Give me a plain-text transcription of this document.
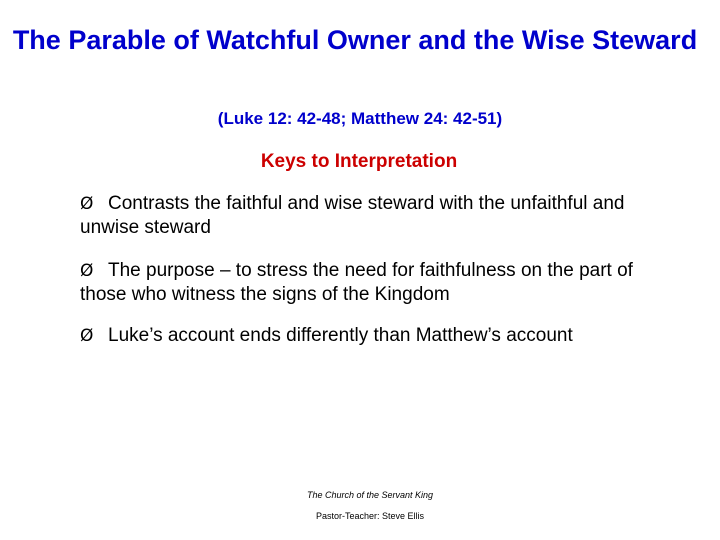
The Parable of Watchful Owner and the Wise Steward
(Luke 12: 42-48; Matthew 24: 42-51)
Keys to Interpretation
Ø Contrasts the faithful and wise steward with the unfaithful and unwise steward
Ø The purpose – to stress the need for faithfulness on the part of those who witness the signs of the Kingdom
Ø Luke’s account ends differently than Matthew’s account
The Church of the Servant King
Pastor-Teacher: Steve Ellis
